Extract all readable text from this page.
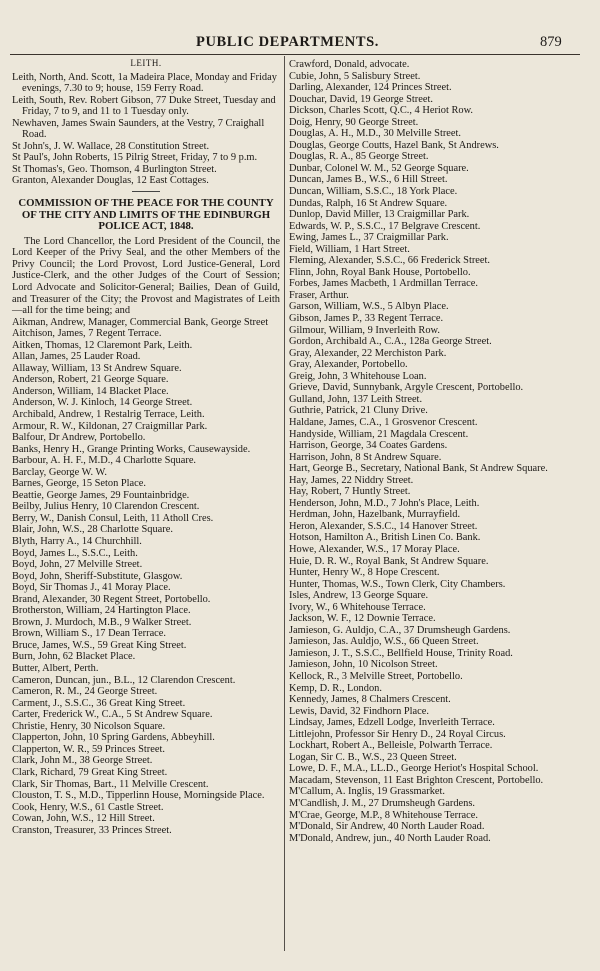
PUBLIC DEPARTMENTS.	879
LEITH.
Leith, North, And. Scott, 1a Madeira Place, Monday and Friday evenings, 7.30 to 9; house, 159 Ferry Road.
Leith, South, Rev. Robert Gibson, 77 Duke Street, Tuesday and Friday, 7 to 9, and 11 to 1 Tuesday only.
Newhaven, James Swain Saunders, at the Vestry, 7 Craighall Road.
St John's, J. W. Wallace, 28 Constitution Street.
St Paul's, John Roberts, 15 Pilrig Street, Friday, 7 to 9 p.m.
St Thomas's, Geo. Thomson, 4 Burlington Street.
Granton, Alexander Douglas, 12 East Cottages.
COMMISSION OF THE PEACE FOR THE COUNTY OF THE CITY AND LIMITS OF THE EDINBURGH POLICE ACT, 1848.
The Lord Chancellor, the Lord President of the Council, the Lord Keeper of the Privy Seal, and the other Members of the Privy Council; the Lord Provost, Lord Justice-General, Lord Justice-Clerk, and the other Judges of the Court of Session; Lord Advocate and Solicitor-General; Bailies, Dean of Guild, and Treasurer of the City; the Provost and Magistrates of Leith—all for the time being; and
Aikman, Andrew, Manager, Commercial Bank, George Street
Aitchison, James, 7 Regent Terrace.
Aitken, Thomas, 12 Claremont Park, Leith.
Allan, James, 25 Lauder Road.
Allaway, William, 13 St Andrew Square.
Anderson, Robert, 21 George Square.
Anderson, William, 14 Blacket Place.
Anderson, W. J. Kinloch, 14 George Street.
Archibald, Andrew, 1 Restalrig Terrace, Leith.
Armour, R. W., Kildonan, 27 Craigmillar Park.
Balfour, Dr Andrew, Portobello.
Banks, Henry H., Grange Printing Works, Causewayside.
Barbour, A. H. F., M.D., 4 Charlotte Square.
Barclay, George W. W.
Barnes, George, 15 Seton Place.
Beattie, George James, 29 Fountainbridge.
Beilby, Julius Henry, 10 Clarendon Crescent.
Berry, W., Danish Consul, Leith, 11 Atholl Cres.
Blair, John, W.S., 28 Charlotte Square.
Blyth, Harry A., 14 Churchhill.
Boyd, James L., S.S.C., Leith.
Boyd, John, 27 Melville Street.
Boyd, John, Sheriff-Substitute, Glasgow.
Boyd, Sir Thomas J., 41 Moray Place.
Brand, Alexander, 30 Regent Street, Portobello.
Brotherston, William, 24 Hartington Place.
Brown, J. Murdoch, M.B., 9 Walker Street.
Brown, William S., 17 Dean Terrace.
Bruce, James, W.S., 59 Great King Street.
Burn, John, 62 Blacket Place.
Butter, Albert, Perth.
Cameron, Duncan, jun., B.L., 12 Clarendon Crescent.
Cameron, R. M., 24 George Street.
Carment, J., S.S.C., 36 Great King Street.
Carter, Frederick W., C.A., 5 St Andrew Square.
Christie, Henry, 30 Nicolson Square.
Clapperton, John, 10 Spring Gardens, Abbeyhill.
Clapperton, W. R., 59 Princes Street.
Clark, John M., 38 George Street.
Clark, Richard, 79 Great King Street.
Clark, Sir Thomas, Bart., 11 Melville Crescent.
Clouston, T. S., M.D., Tipperlinn House, Morningside Place.
Cook, Henry, W.S., 61 Castle Street.
Cowan, John, W.S., 12 Hill Street.
Cranston, Treasurer, 33 Princes Street.
Crawford, Donald, advocate.
Cubie, John, 5 Salisbury Street.
Darling, Alexander, 124 Princes Street.
Douchar, David, 19 George Street.
Dickson, Charles Scott, Q.C., 4 Heriot Row.
Doig, Henry, 90 George Street.
Douglas, A. H., M.D., 30 Melville Street.
Douglas, George Coutts, Hazel Bank, St Andrews.
Douglas, R. A., 85 George Street.
Dunbar, Colonel W. M., 52 George Square.
Duncan, James B., W.S., 6 Hill Street.
Duncan, William, S.S.C., 18 York Place.
Dundas, Ralph, 16 St Andrew Square.
Dunlop, David Miller, 13 Craigmillar Park.
Edwards, W. P., S.S.C., 17 Belgrave Crescent.
Ewing, James L., 37 Craigmillar Park.
Field, William, 1 Hart Street.
Fleming, Alexander, S.S.C., 66 Frederick Street.
Flinn, John, Royal Bank House, Portobello.
Forbes, James Macbeth, 1 Ardmillan Terrace.
Fraser, Arthur.
Garson, William, W.S., 5 Albyn Place.
Gibson, James P., 33 Regent Terrace.
Gilmour, William, 9 Inverleith Row.
Gordon, Archibald A., C.A., 128a George Street.
Gray, Alexander, 22 Merchiston Park.
Gray, Alexander, Portobello.
Greig, John, 3 Whitehouse Loan.
Grieve, David, Sunnybank, Argyle Crescent, Portobello.
Gulland, John, 137 Leith Street.
Guthrie, Patrick, 21 Cluny Drive.
Haldane, James, C.A., 1 Grosvenor Crescent.
Handyside, William, 21 Magdala Crescent.
Harrison, George, 34 Coates Gardens.
Harrison, John, 8 St Andrew Square.
Hart, George B., Secretary, National Bank, St Andrew Square.
Hay, James, 22 Niddry Street.
Hay, Robert, 7 Huntly Street.
Henderson, John, M.D., 7 John's Place, Leith.
Herdman, John, Hazelbank, Murrayfield.
Heron, Alexander, S.S.C., 14 Hanover Street.
Hotson, Hamilton A., British Linen Co. Bank.
Howe, Alexander, W.S., 17 Moray Place.
Huie, D. R. W., Royal Bank, St Andrew Square.
Hunter, Henry W., 8 Hope Crescent.
Hunter, Thomas, W.S., Town Clerk, City Chambers.
Isles, Andrew, 13 George Square.
Ivory, W., 6 Whitehouse Terrace.
Jackson, W. F., 12 Downie Terrace.
Jamieson, G. Auldjo, C.A., 37 Drumsheugh Gardens.
Jamieson, Jas. Auldjo, W.S., 66 Queen Street.
Jamieson, J. T., S.S.C., Bellfield House, Trinity Road.
Jamieson, John, 10 Nicolson Street.
Kellock, R., 3 Melville Street, Portobello.
Kemp, D. R., London.
Kennedy, James, 8 Chalmers Crescent.
Lewis, David, 32 Findhorn Place.
Lindsay, James, Edzell Lodge, Inverleith Terrace.
Littlejohn, Professor Sir Henry D., 24 Royal Circus.
Lockhart, Robert A., Belleisle, Polwarth Terrace.
Logan, Sir C. B., W.S., 23 Queen Street.
Lowe, D. F., M.A., LL.D., George Heriot's Hospital School.
Macadam, Stevenson, 11 East Brighton Crescent, Portobello.
M'Callum, A. Inglis, 19 Grassmarket.
M'Candlish, J. M., 27 Drumsheugh Gardens.
M'Crae, George, M.P., 8 Whitehouse Terrace.
M'Donald, Sir Andrew, 40 North Lauder Road.
M'Donald, Andrew, jun., 40 North Lauder Road.
